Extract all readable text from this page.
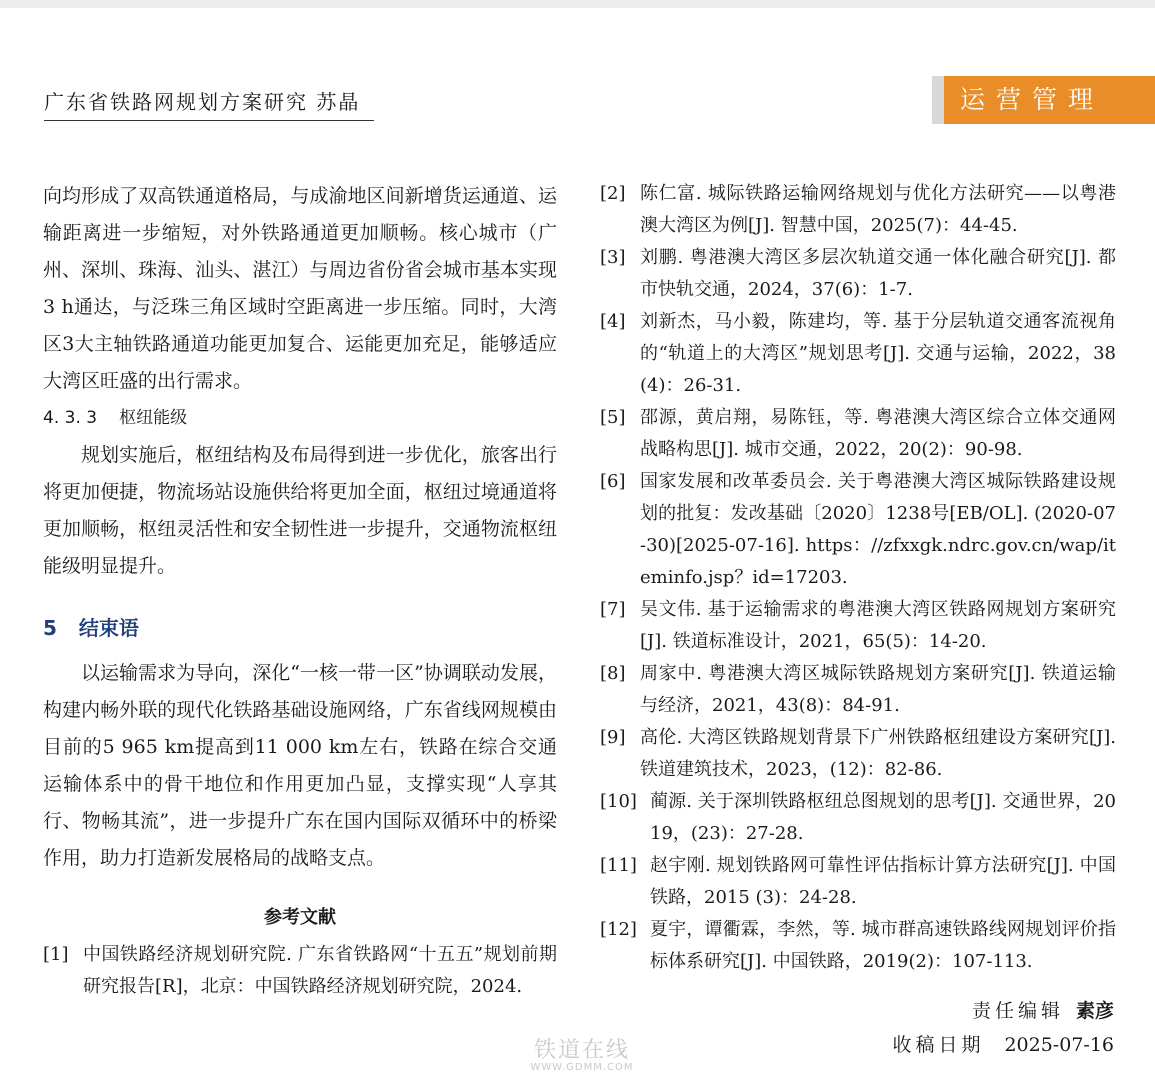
广东省铁路网规划方案研究 苏晶	运营管理

向均形成了双高铁通道格局，与成渝地区间新增货运通道、运输距离进一步缩短，对外铁路通道更加顺畅。核心城市（广州、深圳、珠海、汕头、湛江）与周边省份省会城市基本实现3 h通达，与泛珠三角区域时空距离进一步压缩。同时，大湾区3大主轴铁路通道功能更加复合、运能更加充足，能够适应大湾区旺盛的出行需求。

4. 3. 3 枢纽能级

规划实施后，枢纽结构及布局得到进一步优化，旅客出行将更加便捷，物流场站设施供给将更加全面，枢纽过境通道将更加顺畅，枢纽灵活性和安全韧性进一步提升，交通物流枢纽能级明显提升。

5 结束语

以运输需求为导向，深化“一核一带一区”协调联动发展，构建内畅外联的现代化铁路基础设施网络，广东省线网规模由目前的5 965 km提高到11 000 km左右，铁路在综合交通运输体系中的骨干地位和作用更加凸显，支撑实现“人享其行、物畅其流”，进一步提升广东在国内国际双循环中的桥梁作用，助力打造新发展格局的战略支点。

参考文献
[1] 中国铁路经济规划研究院. 广东省铁路网“十五五”规划前期研究报告[R]，北京：中国铁路经济规划研究院，2024.
[2] 陈仁富. 城际铁路运输网络规划与优化方法研究——以粤港澳大湾区为例[J]. 智慧中国，2025(7)：44-45.
[3] 刘鹏. 粤港澳大湾区多层次轨道交通一体化融合研究[J]. 都市快轨交通，2024，37(6)：1-7.
[4] 刘新杰，马小毅，陈建均，等. 基于分层轨道交通客流视角的“轨道上的大湾区”规划思考[J]. 交通与运输，2022，38(4)：26-31.
[5] 邵源，黄启翔，易陈钰，等. 粤港澳大湾区综合立体交通网战略构思[J]. 城市交通，2022，20(2)：90-98.
[6] 国家发展和改革委员会. 关于粤港澳大湾区城际铁路建设规划的批复：发改基础〔2020〕1238号[EB/OL]. (2020-07-30)[2025-07-16]. https：//zfxxgk.ndrc.gov.cn/wap/iteminfo.jsp？id=17203.
[7] 吴文伟. 基于运输需求的粤港澳大湾区铁路网规划方案研究[J]. 铁道标准设计，2021，65(5)：14-20.
[8] 周家中. 粤港澳大湾区城际铁路规划方案研究[J]. 铁道运输与经济，2021，43(8)：84-91.
[9] 高伦. 大湾区铁路规划背景下广州铁路枢纽建设方案研究[J]. 铁道建筑技术，2023，(12)：82-86.
[10] 蔺源. 关于深圳铁路枢纽总图规划的思考[J]. 交通世界，2019，(23)：27-28.
[11] 赵宇刚. 规划铁路网可靠性评估指标计算方法研究[J]. 中国铁路，2015 (3)：24-28.
[12] 夏宇，谭衢霖，李然，等. 城市群高速铁路线网规划评价指标体系研究[J]. 中国铁路，2019(2)：107-113.
责任编辑 素彦
收稿日期 2025-07-16
铁道在线
WWW.GDMM.COM
